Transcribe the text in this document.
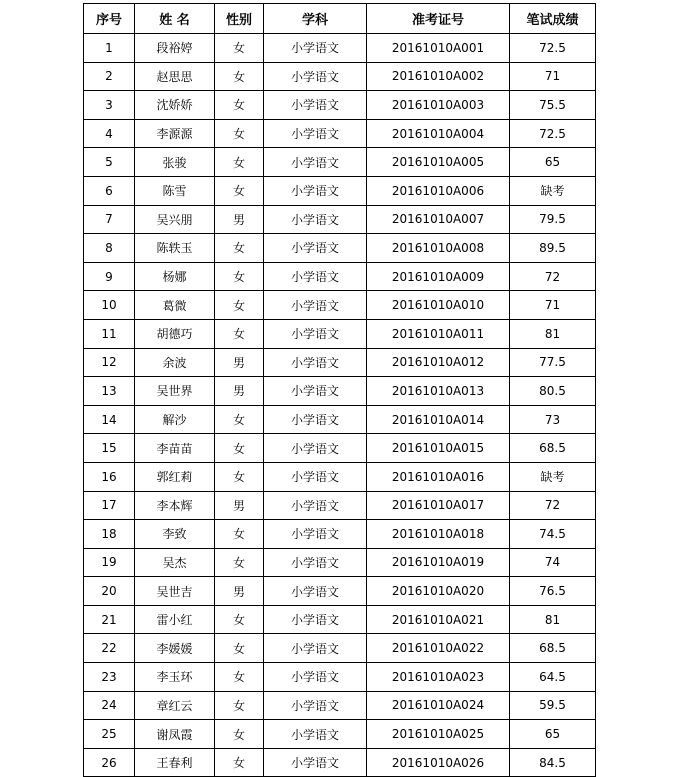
序号	姓 名	性别	学科	准考证号	笔试成绩
1	段裕婷	女	小学语文	20161010A001	72.5
2	赵思思	女	小学语文	20161010A002	71
3	沈娇娇	女	小学语文	20161010A003	75.5
4	李源源	女	小学语文	20161010A004	72.5
5	张骏	女	小学语文	20161010A005	65
6	陈雪	女	小学语文	20161010A006	缺考
7	吴兴朋	男	小学语文	20161010A007	79.5
8	陈轶玉	女	小学语文	20161010A008	89.5
9	杨娜	女	小学语文	20161010A009	72
10	葛微	女	小学语文	20161010A010	71
11	胡德巧	女	小学语文	20161010A011	81
12	余波	男	小学语文	20161010A012	77.5
13	吴世界	男	小学语文	20161010A013	80.5
14	解沙	女	小学语文	20161010A014	73
15	李苗苗	女	小学语文	20161010A015	68.5
16	郭红莉	女	小学语文	20161010A016	缺考
17	李本辉	男	小学语文	20161010A017	72
18	李致	女	小学语文	20161010A018	74.5
19	吴杰	女	小学语文	20161010A019	74
20	吴世吉	男	小学语文	20161010A020	76.5
21	雷小红	女	小学语文	20161010A021	81
22	李媛媛	女	小学语文	20161010A022	68.5
23	李玉环	女	小学语文	20161010A023	64.5
24	章红云	女	小学语文	20161010A024	59.5
25	谢凤霞	女	小学语文	20161010A025	65
26	王春利	女	小学语文	20161010A026	84.5
